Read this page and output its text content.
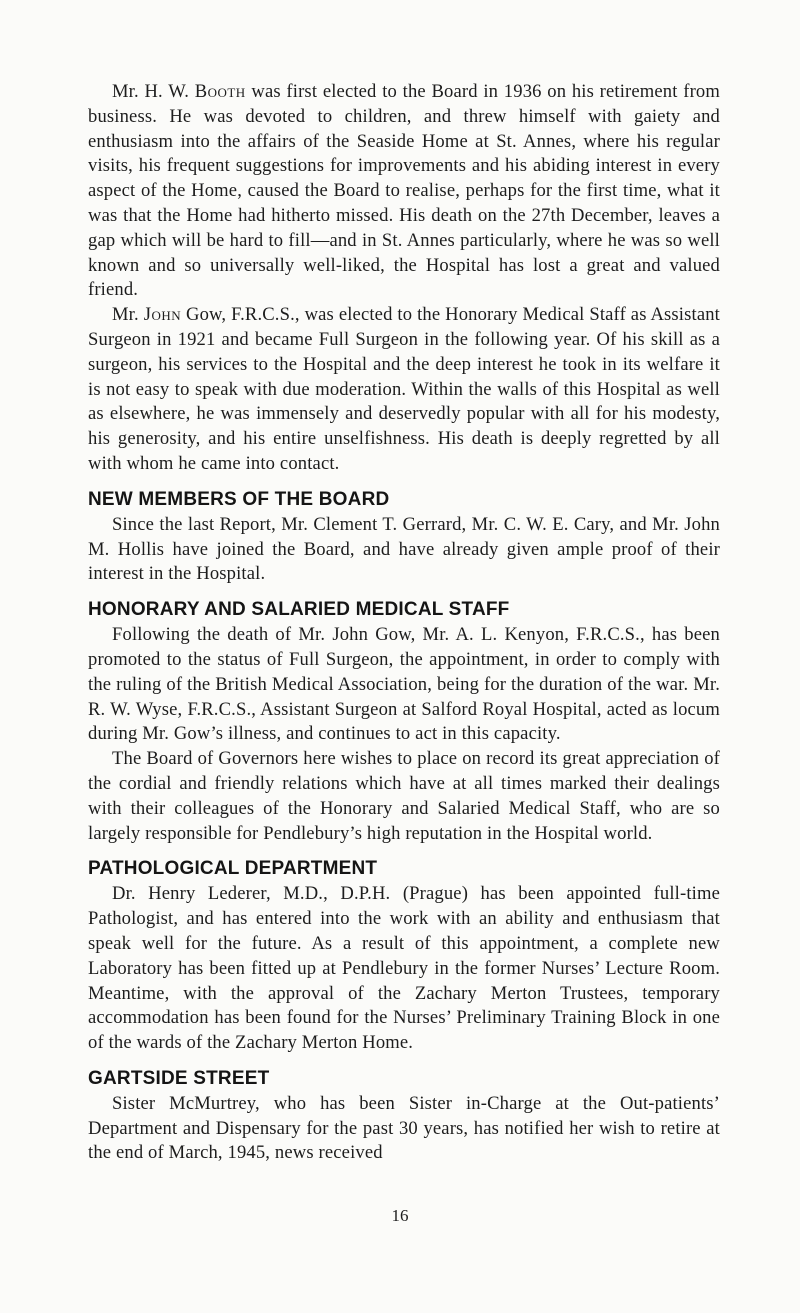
Mr. H. W. Booth was first elected to the Board in 1936 on his retirement from business. He was devoted to children, and threw himself with gaiety and enthusiasm into the affairs of the Seaside Home at St. Annes, where his regular visits, his frequent suggestions for improvements and his abiding interest in every aspect of the Home, caused the Board to realise, perhaps for the first time, what it was that the Home had hitherto missed. His death on the 27th December, leaves a gap which will be hard to fill—and in St. Annes particularly, where he was so well known and so universally well-liked, the Hospital has lost a great and valued friend.

Mr. John Gow, F.R.C.S., was elected to the Honorary Medical Staff as Assistant Surgeon in 1921 and became Full Surgeon in the following year. Of his skill as a surgeon, his services to the Hospital and the deep interest he took in its welfare it is not easy to speak with due moderation. Within the walls of this Hospital as well as elsewhere, he was immensely and deservedly popular with all for his modesty, his generosity, and his entire unselfishness. His death is deeply regretted by all with whom he came into contact.

NEW MEMBERS OF THE BOARD

Since the last Report, Mr. Clement T. Gerrard, Mr. C. W. E. Cary, and Mr. John M. Hollis have joined the Board, and have already given ample proof of their interest in the Hospital.

HONORARY AND SALARIED MEDICAL STAFF

Following the death of Mr. John Gow, Mr. A. L. Kenyon, F.R.C.S., has been promoted to the status of Full Surgeon, the appointment, in order to comply with the ruling of the British Medical Association, being for the duration of the war. Mr. R. W. Wyse, F.R.C.S., Assistant Surgeon at Salford Royal Hospital, acted as locum during Mr. Gow’s illness, and continues to act in this capacity.

The Board of Governors here wishes to place on record its great appreciation of the cordial and friendly relations which have at all times marked their dealings with their colleagues of the Honorary and Salaried Medical Staff, who are so largely responsible for Pendlebury’s high reputation in the Hospital world.

PATHOLOGICAL DEPARTMENT

Dr. Henry Lederer, M.D., D.P.H. (Prague) has been appointed full-time Pathologist, and has entered into the work with an ability and enthusiasm that speak well for the future. As a result of this appointment, a complete new Laboratory has been fitted up at Pendlebury in the former Nurses’ Lecture Room. Meantime, with the approval of the Zachary Merton Trustees, temporary accommodation has been found for the Nurses’ Preliminary Training Block in one of the wards of the Zachary Merton Home.

GARTSIDE STREET

Sister McMurtrey, who has been Sister in-Charge at the Out-patients’ Department and Dispensary for the past 30 years, has notified her wish to retire at the end of March, 1945, news received

16
